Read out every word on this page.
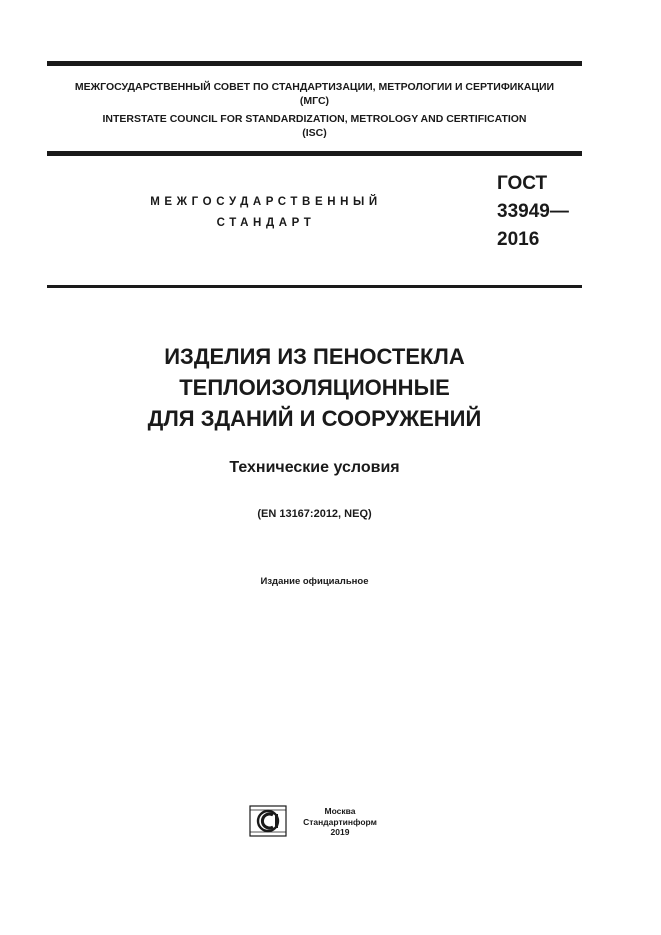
МЕЖГОСУДАРСТВЕННЫЙ СОВЕТ ПО СТАНДАРТИЗАЦИИ, МЕТРОЛОГИИ И СЕРТИФИКАЦИИ
(МГС)
INTERSTATE COUNCIL FOR STANDARDIZATION, METROLOGY AND CERTIFICATION
(ISC)
МЕЖГОСУДАРСТВЕННЫЙ
СТАНДАРТ
ГОСТ
33949—
2016
ИЗДЕЛИЯ ИЗ ПЕНОСТЕКЛА
ТЕПЛОИЗОЛЯЦИОННЫЕ
ДЛЯ ЗДАНИЙ И СООРУЖЕНИЙ
Технические условия
(EN 13167:2012, NEQ)
Издание официальное
Москва
Стандартинформ
2019
